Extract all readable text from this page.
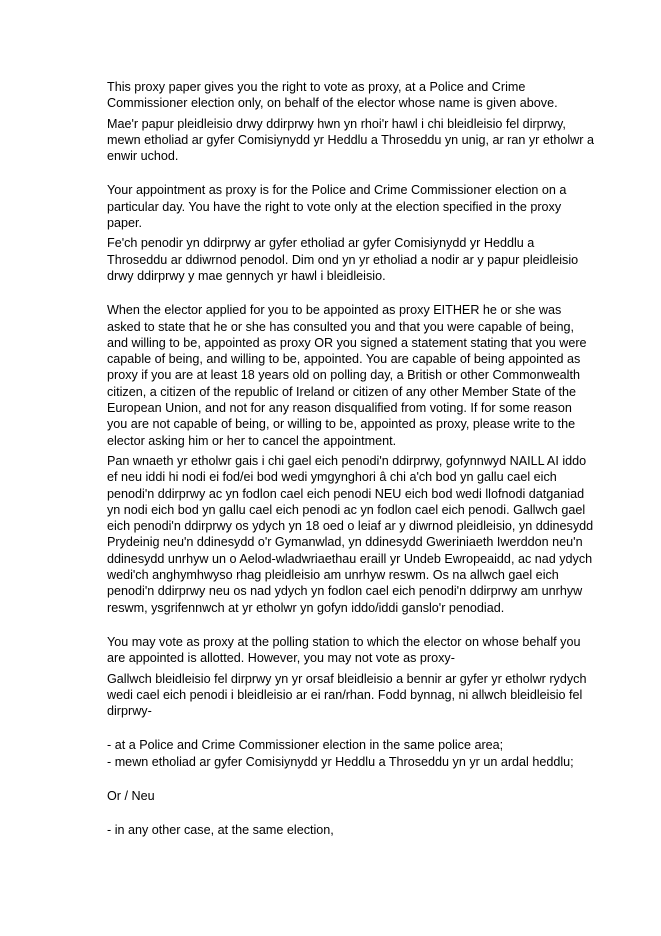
This proxy paper gives you the right to vote as proxy, at a Police and Crime Commissioner election only, on behalf of the elector whose name is given above.

Mae'r papur pleidleisio drwy ddirprwy hwn yn rhoi'r hawl i chi bleidleisio fel dirprwy, mewn etholiad ar gyfer Comisiynydd yr Heddlu a Throseddu yn unig, ar ran yr etholwr a enwir uchod.

Your appointment as proxy is for the Police and Crime Commissioner election on a particular day. You have the right to vote only at the election specified in the proxy paper.

Fe'ch penodir yn ddirprwy ar gyfer etholiad ar gyfer Comisiynydd yr Heddlu a Throseddu ar ddiwrnod penodol. Dim ond yn yr etholiad a nodir ar y papur pleidleisio drwy ddirprwy y mae gennych yr hawl i bleidleisio.

When the elector applied for you to be appointed as proxy EITHER he or she was asked to state that he or she has consulted you and that you were capable of being, and willing to be, appointed as proxy OR you signed a statement stating that you were capable of being, and willing to be, appointed. You are capable of being appointed as proxy if you are at least 18 years old on polling day, a British or other Commonwealth citizen, a citizen of the republic of Ireland or citizen of any other Member State of the European Union, and not for any reason disqualified from voting. If for some reason you are not capable of being, or willing to be, appointed as proxy, please write to the elector asking him or her to cancel the appointment.

Pan wnaeth yr etholwr gais i chi gael eich penodi'n ddirprwy, gofynnwyd NAILL AI iddo ef neu iddi hi nodi ei fod/ei bod wedi ymgynghori â chi a'ch bod yn gallu cael eich penodi'n ddirprwy ac yn fodlon cael eich penodi NEU eich bod wedi llofnodi datganiad yn nodi eich bod yn gallu cael eich penodi ac yn fodlon cael eich penodi. Gallwch gael eich penodi'n ddirprwy os ydych yn 18 oed o leiaf ar y diwrnod pleidleisio, yn ddinesydd Prydeinig neu'n ddinesydd o'r Gymanwlad, yn ddinesydd Gweriniaeth Iwerddon neu'n ddinesydd unrhyw un o Aelod-wladwriaethau eraill yr Undeb Ewropeaidd, ac nad ydych wedi'ch anghymhwyso rhag pleidleisio am unrhyw reswm. Os na allwch gael eich penodi'n ddirprwy neu os nad ydych yn fodlon cael eich penodi'n ddirprwy am unrhyw reswm, ysgrifennwch at yr etholwr yn gofyn iddo/iddi ganslo'r penodiad.

You may vote as proxy at the polling station to which the elector on whose behalf you are appointed is allotted. However, you may not vote as proxy-

Gallwch bleidleisio fel dirprwy yn yr orsaf bleidleisio a bennir ar gyfer yr etholwr rydych wedi cael eich penodi i bleidleisio ar ei ran/rhan. Fodd bynnag, ni allwch bleidleisio fel dirprwy-

- at a Police and Crime Commissioner election in the same police area;

- mewn etholiad ar gyfer Comisiynydd yr Heddlu a Throseddu yn yr un ardal heddlu;

Or / Neu

- in any other case, at the same election,
